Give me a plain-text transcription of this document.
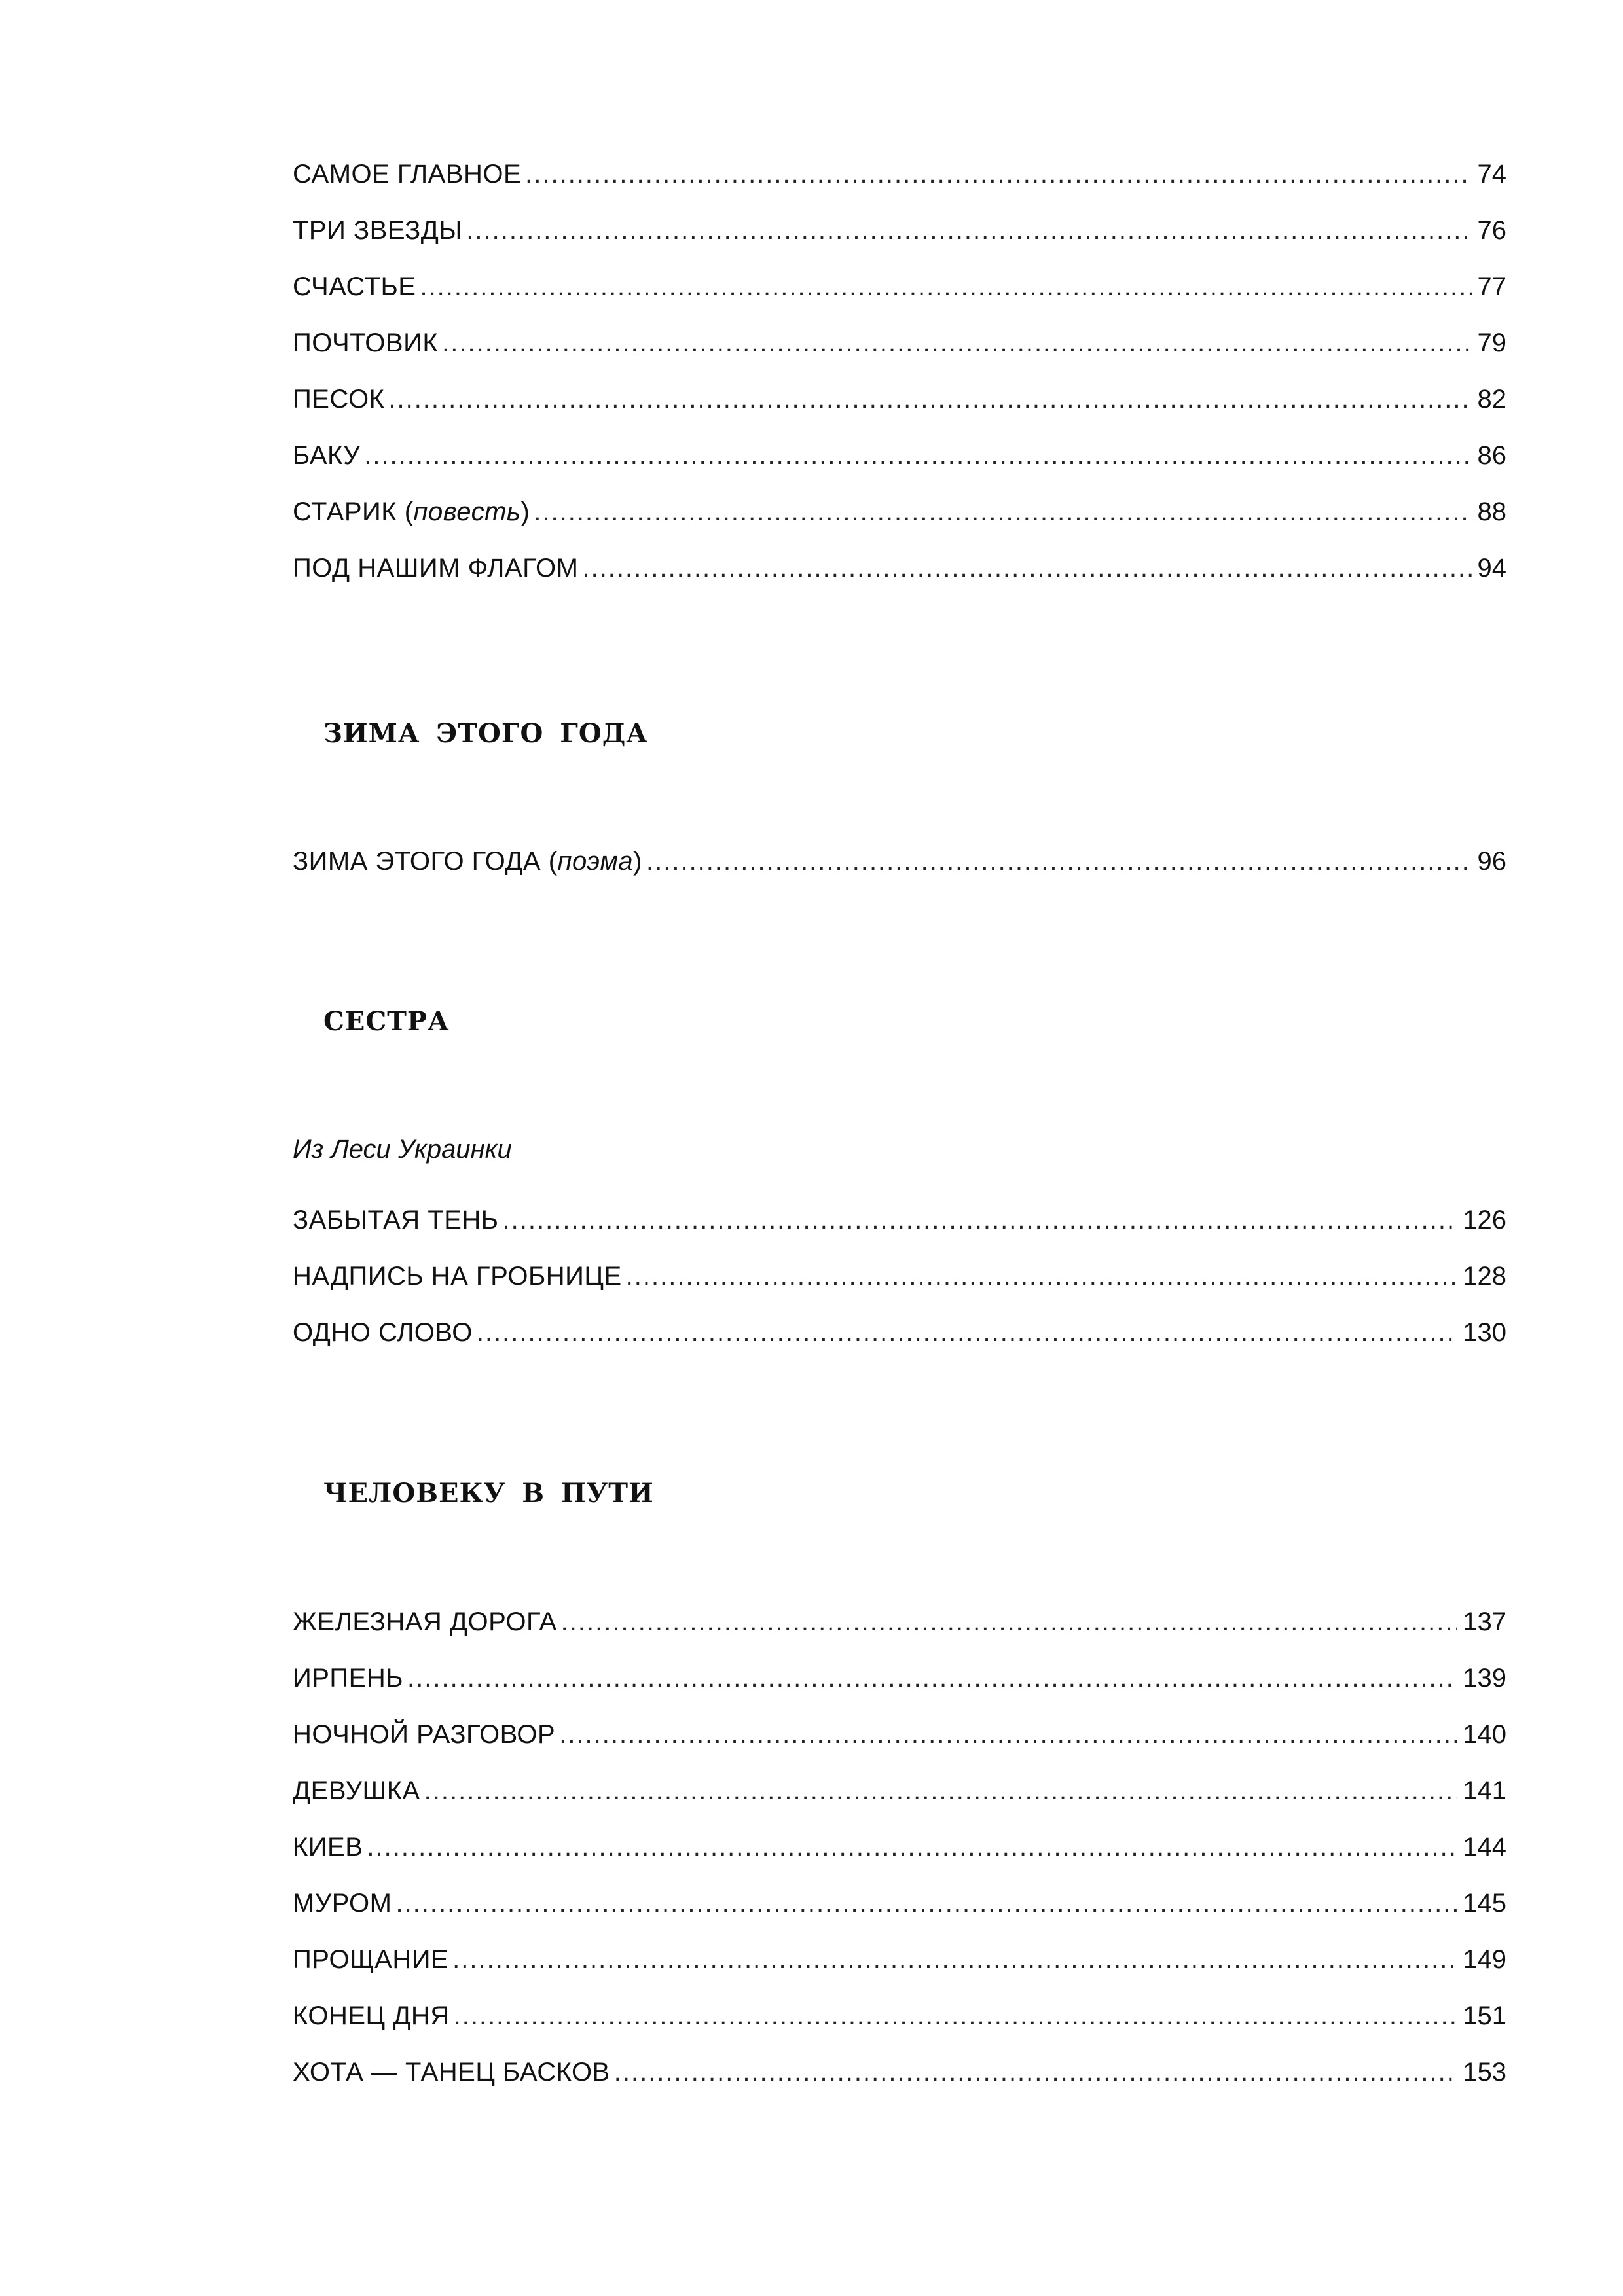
САМОЕ ГЛАВНОЕ .....	74
ТРИ ЗВЕЗДЫ .....	76
СЧАСТЬЕ .....	77
ПОЧТОВИК .....	79
ПЕСОК .....	82
БАКУ .....	86
СТАРИК (повесть) .....	88
ПОД НАШИМ ФЛАГОМ .....	94
ЗИМА ЭТОГО ГОДА
ЗИМА ЭТОГО ГОДА (поэма) .....	96
СЕСТРА
Из Леси Украинки
ЗАБЫТАЯ ТЕНЬ .....	126
НАДПИСЬ НА ГРОБНИЦЕ .....	128
ОДНО СЛОВО .....	130
ЧЕЛОВЕКУ В ПУТИ
ЖЕЛЕЗНАЯ ДОРОГА .....	137
ИРПЕНЬ .....	139
НОЧНОЙ РАЗГОВОР .....	140
ДЕВУШКА .....	141
КИЕВ .....	144
МУРОМ .....	145
ПРОЩАНИЕ .....	149
КОНЕЦ ДНЯ .....	151
ХОТА — ТАНЕЦ БАСКОВ .....	153
